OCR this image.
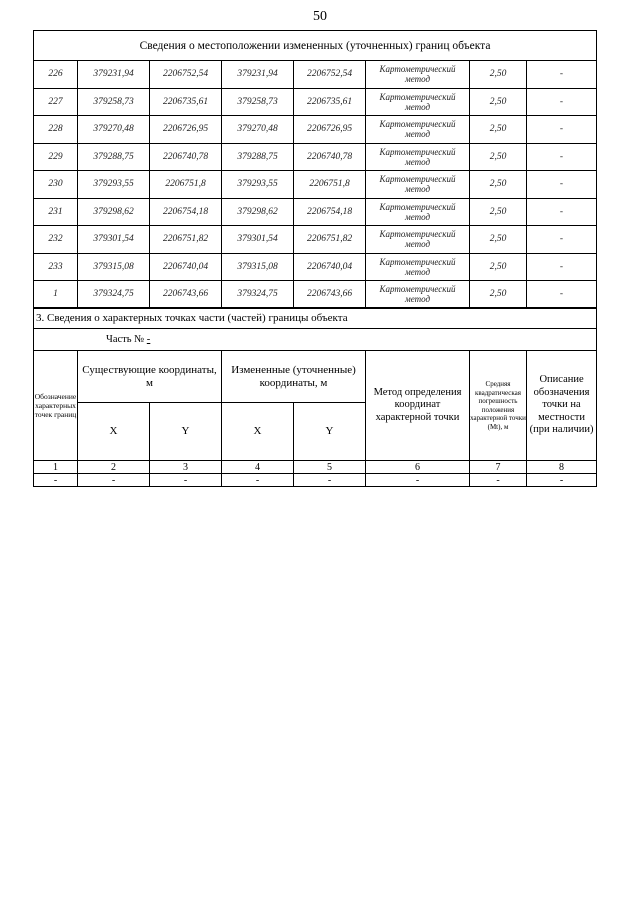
50
Сведения о местоположении измененных (уточненных) границ объекта							
226	379231,94	2206752,54	379231,94	2206752,54	Картометрический метод	2,50	-
227	379258,73	2206735,61	379258,73	2206735,61	Картометрический метод	2,50	-
228	379270,48	2206726,95	379270,48	2206726,95	Картометрический метод	2,50	-
229	379288,75	2206740,78	379288,75	2206740,78	Картометрический метод	2,50	-
230	379293,55	2206751,8	379293,55	2206751,8	Картометрический метод	2,50	-
231	379298,62	2206754,18	379298,62	2206754,18	Картометрический метод	2,50	-
232	379301,54	2206751,82	379301,54	2206751,82	Картометрический метод	2,50	-
233	379315,08	2206740,04	379315,08	2206740,04	Картометрический метод	2,50	-
1	379324,75	2206743,66	379324,75	2206743,66	Картометрический метод	2,50	-
3. Сведения о характерных точках части (частей) границы объекта							
Часть № -							
Обозначение характерных точек границ	Существующие координаты, м		Измененные (уточненные) координаты, м		Метод определения координат характерной точки	Средняя квадратическая погрешность положения характерной точки (Mt), м	Описание обозначения точки на местности (при наличии)
	X	Y	X	Y			
1	2	3	4	5	6	7	8
-	-	-	-	-	-	-	-
